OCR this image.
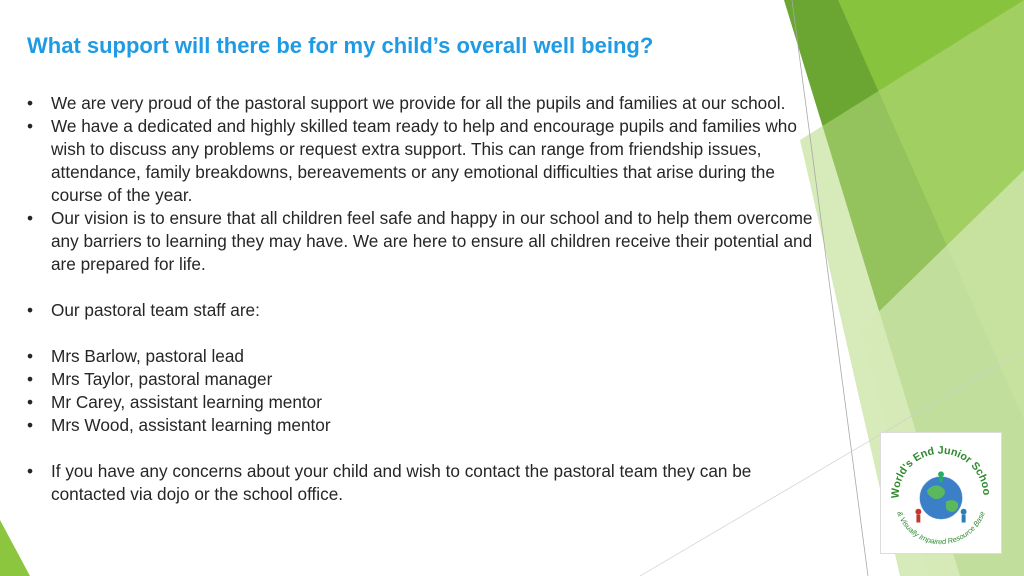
What support will there be for my child’s overall well being?
• We are very proud of the pastoral support we provide for all the pupils and families at our school.
• We have a dedicated and highly skilled team ready to help and encourage pupils and families who wish to discuss any problems or request extra support. This can range from friendship issues, attendance, family breakdowns, bereavements or any emotional difficulties that arise during the course of the year.
• Our vision is to ensure that all children feel safe and happy in our school and to help them overcome any barriers to learning they may have. We are here to ensure all children receive their potential and are prepared for life.
• Our pastoral team staff are:
• Mrs Barlow, pastoral lead
• Mrs Taylor, pastoral manager
• Mr Carey, assistant learning mentor
• Mrs Wood, assistant learning mentor
• If you have any concerns about your child and wish to contact the pastoral team they can be contacted via dojo or the school office.	World's End Junior Schoo
& Visually Impaired Resource Base
